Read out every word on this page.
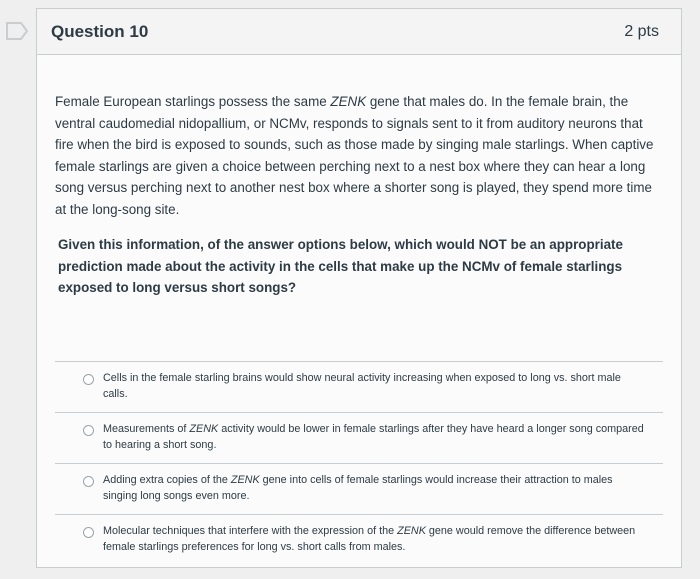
Question 10	2 pts

Female European starlings possess the same ZENK gene that males do. In the female brain, the ventral caudomedial nidopallium, or NCMv, responds to signals sent to it from auditory neurons that fire when the bird is exposed to sounds, such as those made by singing male starlings. When captive female starlings are given a choice between perching next to a nest box where they can hear a long song versus perching next to another nest box where a shorter song is played, they spend more time at the long-song site.

Given this information, of the answer options below, which would NOT be an appropriate prediction made about the activity in the cells that make up the NCMv of female starlings exposed to long versus short songs?

Cells in the female starling brains would show neural activity increasing when exposed to long vs. short male calls.
Measurements of ZENK activity would be lower in female starlings after they have heard a longer song compared to hearing a short song.
Adding extra copies of the ZENK gene into cells of female starlings would increase their attraction to males singing long songs even more.
Molecular techniques that interfere with the expression of the ZENK gene would remove the difference between female starlings preferences for long vs. short calls from males.
